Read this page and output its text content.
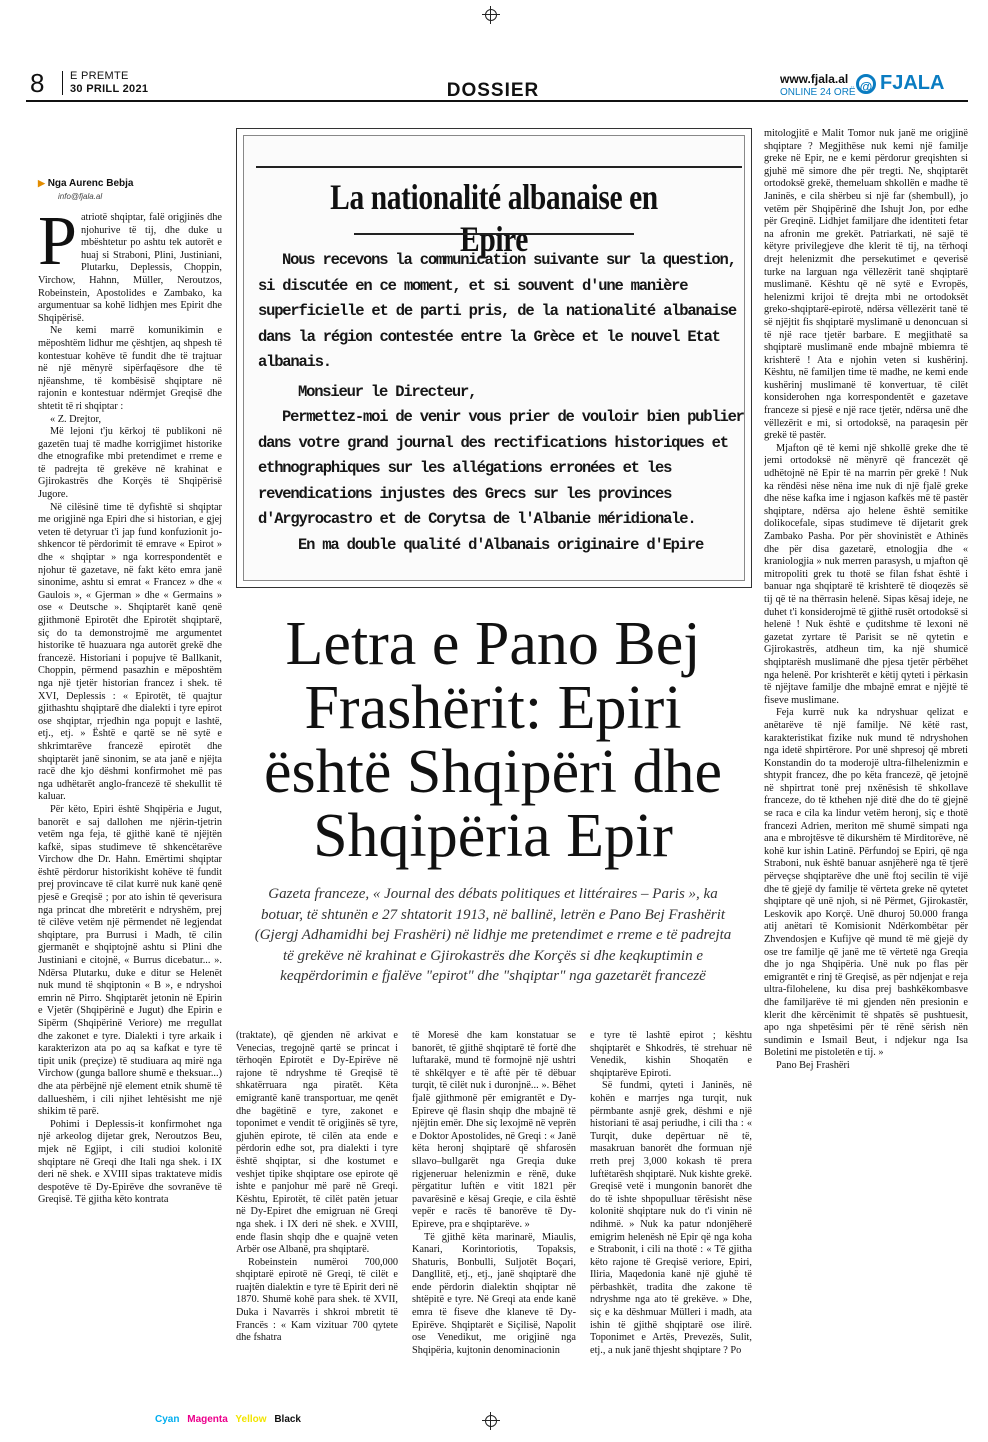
8 E PREMTE
30 PRILL 2021	DOSSIER
www.fjala.al
ONLINE 24 ORË @ FJALA
▶ Nga Aurenc Bebja
info@fjala.al

Patriotë shqiptar, falë origjinës dhe njohurive të tij, dhe duke u mbështetur po ashtu tek autorët e huaj si Straboni, Plini, Justiniani, Plutarku, Deplessis, Choppin, Virchow, Hahnn, Müller, Neroutzos, Robeinstein, Apostolides e Zambako, ka argumentuar sa kohë lidhjen mes Epirit dhe Shqipërisë.

Ne kemi marrë komunikimin e mëposhtëm lidhur me çështjen, aq shpesh të kontestuar kohëve të fundit dhe të trajtuar në një mënyrë sipërfaqësore dhe të njëanshme, të kombësisë shqiptare në rajonin e kontestuar ndërmjet Greqisë dhe shtetit të ri shqiptar :

« Z. Drejtor,

Më lejoni t'ju kërkoj të publikoni në gazetën tuaj të madhe korrigjimet historike dhe etnografike mbi pretendimet e rreme e të padrejta të grekëve në krahinat e Gjirokastrës dhe Korçës të Shqipërisë Jugore.

Në cilësinë time të dyfishtë si shqiptar me origjinë nga Epiri dhe si historian, e gjej veten të detyruar t'i jap fund konfuzionit jo-shkencor të përdorimit të emrave « Epirot » dhe « shqiptar » nga korrespondentët e njohur të gazetave, në fakt këto emra janë sinonime, ashtu si emrat « Francez » dhe « Gaulois », « Gjerman » dhe « Germains » ose « Deutsche ». Shqiptarët kanë qenë gjithmonë Epirotët dhe Epirotët shqiptarë, siç do ta demonstrojmë me argumentet historike të huazuara nga autorët grekë dhe francezë. Historiani i popujve të Ballkanit, Choppin, përmend pasazhin e mëposhtëm nga një tjetër historian francez i shek. të XVI, Deplessis : « Epirotët, të quajtur gjithashtu shqiptarë dhe dialekti i tyre epirot ose shqiptar, rrjedhin nga popujt e lashtë, etj., etj. » Është e qartë se në sytë e shkrimtarëve francezë epirotët dhe shqiptarët janë sinonim, se ata janë e njëjta racë dhe kjo dëshmi konfirmohet më pas nga udhëtarët anglo-francezë të shekullit të kaluar.

Për këto, Epiri është Shqipëria e Jugut, banorët e saj dallohen me njërin-tjetrin vetëm nga feja, të gjithë kanë të njëjtën kafkë, sipas studimeve të shkencëtarëve Virchow dhe Dr. Hahn. Emërtimi shqiptar është përdorur historikisht kohëve të fundit prej provincave të cilat kurrë nuk kanë qenë pjesë e Greqisë ; por ato ishin të qeverisura nga princat dhe mbretërit e ndryshëm, prej të cilëve vetëm një përmendet në legjendat shqiptare, pra Burrusi i Madh, të cilin gjermanët e shqiptojnë ashtu si Plini dhe Justiniani e citojnë, « Burrus dicebatur... ». Ndërsa Plutarku, duke e ditur se Helenët nuk mund të shqiptonin « B », e ndryshoi emrin në Pirro. Shqiptarët jetonin në Epirin e Vjetër (Shqipërinë e Jugut) dhe Epirin e Sipërm (Shqipërinë Veriore) me rregullat dhe zakonet e tyre. Dialekti i tyre arkaik i karakterizon ata po aq sa kafkat e tyre të tipit unik (preçize) të studiuara aq mirë nga Virchow (gunga ballore shumë e theksuar...) dhe ata përbëjnë një element etnik shumë të dallueshëm, i cili njihet lehtësisht me një shikim të parë.

Pohimi i Deplessis-it konfirmohet nga një arkeolog dijetar grek, Neroutzos Beu, mjek në Egjipt, i cili studioi kolonitë shqiptare në Greqi dhe Itali nga shek. i IX deri në shek. e XVIII sipas traktateve midis despotëve të Dy-Epirëve dhe sovranëve të Greqisë. Të gjitha këto kontrata

La nationalité albanaise en Epire

Nous recevons la communication suivante sur la question, si discutée en ce moment, et si souvent d'une manière superficielle et de parti pris, de la nationalité albanaise dans la région contestée entre la Grèce et le nouvel Etat albanais.

Monsieur le Directeur,

Permettez-moi de venir vous prier de vouloir bien publier dans votre grand journal des rectifications historiques et ethnographiques sur les allégations erronées et les revendications injustes des Grecs sur les provinces d'Argyrocastro et de Corytsa de l'Albanie méridionale.

En ma double qualité d'Albanais originaire d'Epire

Letra e Pano Bej Frashërit: Epiri është Shqipëri dhe Shqipëria Epir
Gazeta franceze, « Journal des débats politiques et littéraires – Paris », ka botuar, të shtunën e 27 shtatorit 1913, në ballinë, letrën e Pano Bej Frashërit (Gjergj Adhamidhi bej Frashëri) në lidhje me pretendimet e rreme e të padrejta të grekëve në krahinat e Gjirokastrës dhe Korçës si dhe keqkuptimin e keqpërdorimin e fjalëve "epirot" dhe "shqiptar" nga gazetarët francezë

(traktate), që gjenden në arkivat e Venecias, tregojnë qartë se princat i tërhoqën Epirotët e Dy-Epirëve në rajone të ndryshme të Greqisë të shkatërruara nga piratët. Këta emigrantë kanë transportuar, me qenët dhe bagëtinë e tyre, zakonet e toponimet e vendit të origjinës së tyre, gjuhën epirote, të cilën ata ende e përdorin edhe sot, pra dialekti i tyre është shqiptar, si dhe kostumet e veshjet tipike shqiptare ose epirote që ishte e panjohur më parë në Greqi. Kështu, Epirotët, të cilët patën jetuar në Dy-Epiret dhe emigruan në Greqi nga shek. i IX deri në shek. e XVIII, ende flasin shqip dhe e quajnë veten Arbër ose Albanë, pra shqiptarë.

Robeinstein numëroi 700,000 shqiptarë epirotë në Greqi, të cilët e ruajtën dialektin e tyre të Epirit deri në 1870. Shumë kohë para shek. të XVII, Duka i Navarrës i shkroi mbretit të Francës : « Kam vizituar 700 qytete dhe fshatra

të Moresë dhe kam konstatuar se banorët, të gjithë shqiptarë të fortë dhe luftarakë, mund të formojnë një ushtri të shkëlqyer e të aftë për të dëbuar turqit, të cilët nuk i duronjnë... ». Bëhet fjalë gjithmonë për emigrantët e Dy-Epireve që flasin shqip dhe mbajnë të njëjtin emër. Dhe siç lexojmë në veprën e Doktor Apostolides, në Greqi : « Janë këta heronj shqiptarë që shfarosën sllavo–bullgarët nga Greqia duke rigjeneruar helenizmin e rënë, duke përgatitur luftën e vitit 1821 për pavarësinë e kësaj Greqie, e cila është vepër e racës të banorëve të Dy-Epireve, pra e shqiptarëve. »

Të gjithë këta marinarë, Miaulis, Kanari, Korintoriotis, Topaksis, Shaturis, Bonbulli, Suljotët Boçari, Dangllitë, etj., etj., janë shqiptarë dhe ende përdorin dialektin shqiptar në shtëpitë e tyre. Në Greqi ata ende kanë emra të fiseve dhe klaneve të Dy-Epirëve. Shqiptarët e Siçilisë, Napolit ose Venedikut, me origjinë nga Shqipëria, kujtonin denominacionin

e tyre të lashtë epirot ; kështu shqiptarët e Shkodrës, të strehuar në Venedik, kishin Shoqatën e shqiptarëve Epiroti.

Së fundmi, qyteti i Janinës, në kohën e marrjes nga turqit, nuk përmbante asnjë grek, dëshmi e një historiani të asaj periudhe, i cili tha : « Turqit, duke depërtuar në të, masakruan banorët dhe formuan një rreth prej 3,000 kokash të prera luftëtarësh shqiptarë. Nuk kishte grekë. Greqisë vetë i mungonin banorët dhe do të ishte shpopulluar tërësisht nëse kolonitë shqiptare nuk do t'i vinin në ndihmë. » Nuk ka patur ndonjëherë emigrim helenësh në Epir që nga koha e Strabonit, i cili na thotë : « Të gjitha këto rajone të Greqisë veriore, Epiri, Iliria, Maqedonia kanë një gjuhë të përbashkët, tradita dhe zakone të ndryshme nga ato të grekëve. » Dhe, siç e ka dëshmuar Mülleri i madh, ata ishin të gjithë shqiptarë ose ilirë. Toponimet e Artës, Prevezës, Sulit, etj., a nuk janë thjesht shqiptare ? Po

mitologjitë e Malit Tomor nuk janë me origjinë shqiptare ? Megjithëse nuk kemi një familje greke në Epir, ne e kemi përdorur greqishten si gjuhë më simore dhe për tregti. Ne, shqiptarët ortodoksë grekë, themeluam shkollën e madhe të Janinës, e cila shërbeu si një far (shembull), jo vetëm për Shqipërinë dhe Ishujt Jon, por edhe për Greqinë. Lidhjet familjare dhe identiteti fetar na afronin me grekët. Patriarkati, në sajë të këtyre privilegjeve dhe klerit të tij, na tërhoqi drejt helenizmit dhe persekutimet e qeverisë turke na larguan nga vëllezërit tanë shqiptarë muslimanë. Kështu që në sytë e Evropës, helenizmi krijoi të drejta mbi ne ortodoksët greko-shqiptarë-epirotë, ndërsa vëllezërit tanë të së njëjtit fis shqiptarë myslimanë u denoncuan si të një race tjetër barbare. E megjithatë sa shqiptarë muslimanë ende mbajnë mbiemra të krishterë ! Ata e njohin veten si kushërinj. Kështu, në familjen time të madhe, ne kemi ende kushërinj muslimanë të konvertuar, të cilët konsiderohen nga korrespondentët e gazetave franceze si pjesë e një race tjetër, ndërsa unë dhe vëllezërit e mi, si ortodoksë, na paraqesin për grekë të pastër.

Mjafton që të kemi një shkollë greke dhe të jemi ortodoksë në mënyrë që francezët që udhëtojnë në Epir të na marrin për grekë ! Nuk ka rëndësi nëse nëna ime nuk di një fjalë greke dhe nëse kafka ime i ngjason kafkës më të pastër shqiptare, ndërsa ajo helene është semitike dolikocefale, sipas studimeve të dijetarit grek Zambako Pasha. Por për shovinistët e Athinës dhe për disa gazetarë, etnologjia dhe « kraniologjia » nuk merren parasysh, u mjafton që mitropoliti grek tu thotë se filan fshat është i banuar nga shqiptarë të krishterë të dioqezës së tij që të na thërrasin helenë. Sipas kësaj ideje, ne duhet t'i konsiderojmë të gjithë rusët ortodoksë si helenë ! Nuk është e çuditshme të lexoni në gazetat zyrtare të Parisit se në qytetin e Gjirokastrës, atdheun tim, ka një shumicë shqiptarësh muslimanë dhe pjesa tjetër përbëhet nga helenë. Por krishterët e këtij qyteti i përkasin të njëjtave familje dhe mbajnë emrat e njëjtë të fiseve muslimane.

Feja kurrë nuk ka ndryshuar qelizat e anëtarëve të një familje. Në këtë rast, karakteristikat fizike nuk mund të ndryshohen nga idetë shpirtërore. Por unë shpresoj që mbreti Konstandin do ta moderojë ultra-filhelenizmin e shtypit francez, dhe po këta francezë, që jetojnë në shpirtrat tonë prej nxënësish të shkollave franceze, do të kthehen një ditë dhe do të gjejnë se raca e cila ka lindur vetëm heronj, siç e thotë francezi Adrien, meriton më shumë simpati nga ana e mbrojtësve të dikurshëm të Mirditorëve, në kohë kur ishin Latinë. Përfundoj se Epiri, që nga Straboni, nuk është banuar asnjëherë nga të tjerë përveçse shqiptarëve dhe unë ftoj secilin të vijë dhe të gjejë dy familje të vërteta greke në qytetet shqiptare që unë njoh, si në Përmet, Gjirokastër, Leskovik apo Korçë. Unë dhuroj 50.000 franga atij anëtari të Komisionit Ndërkombëtar për Zhvendosjen e Kufijve që mund të më gjejë dy ose tre familje që janë me të vërtetë nga Greqia dhe jo nga Shqipëria. Unë nuk po flas për emigrantët e rinj të Greqisë, as për ndjenjat e reja ultra-filohelene, ku disa prej bashkëkombasve dhe familjarëve të mi gjenden nën presionin e klerit dhe kërcënimit të shpatës së pushtuesit, apo nga shpetësimi për të rënë sërish nën sundimin e Ismail Beut, i ndjekur nga Isa Boletini me pistoletën e tij. »

Pano Bej Frashëri

Cyan Magenta Yellow Black
